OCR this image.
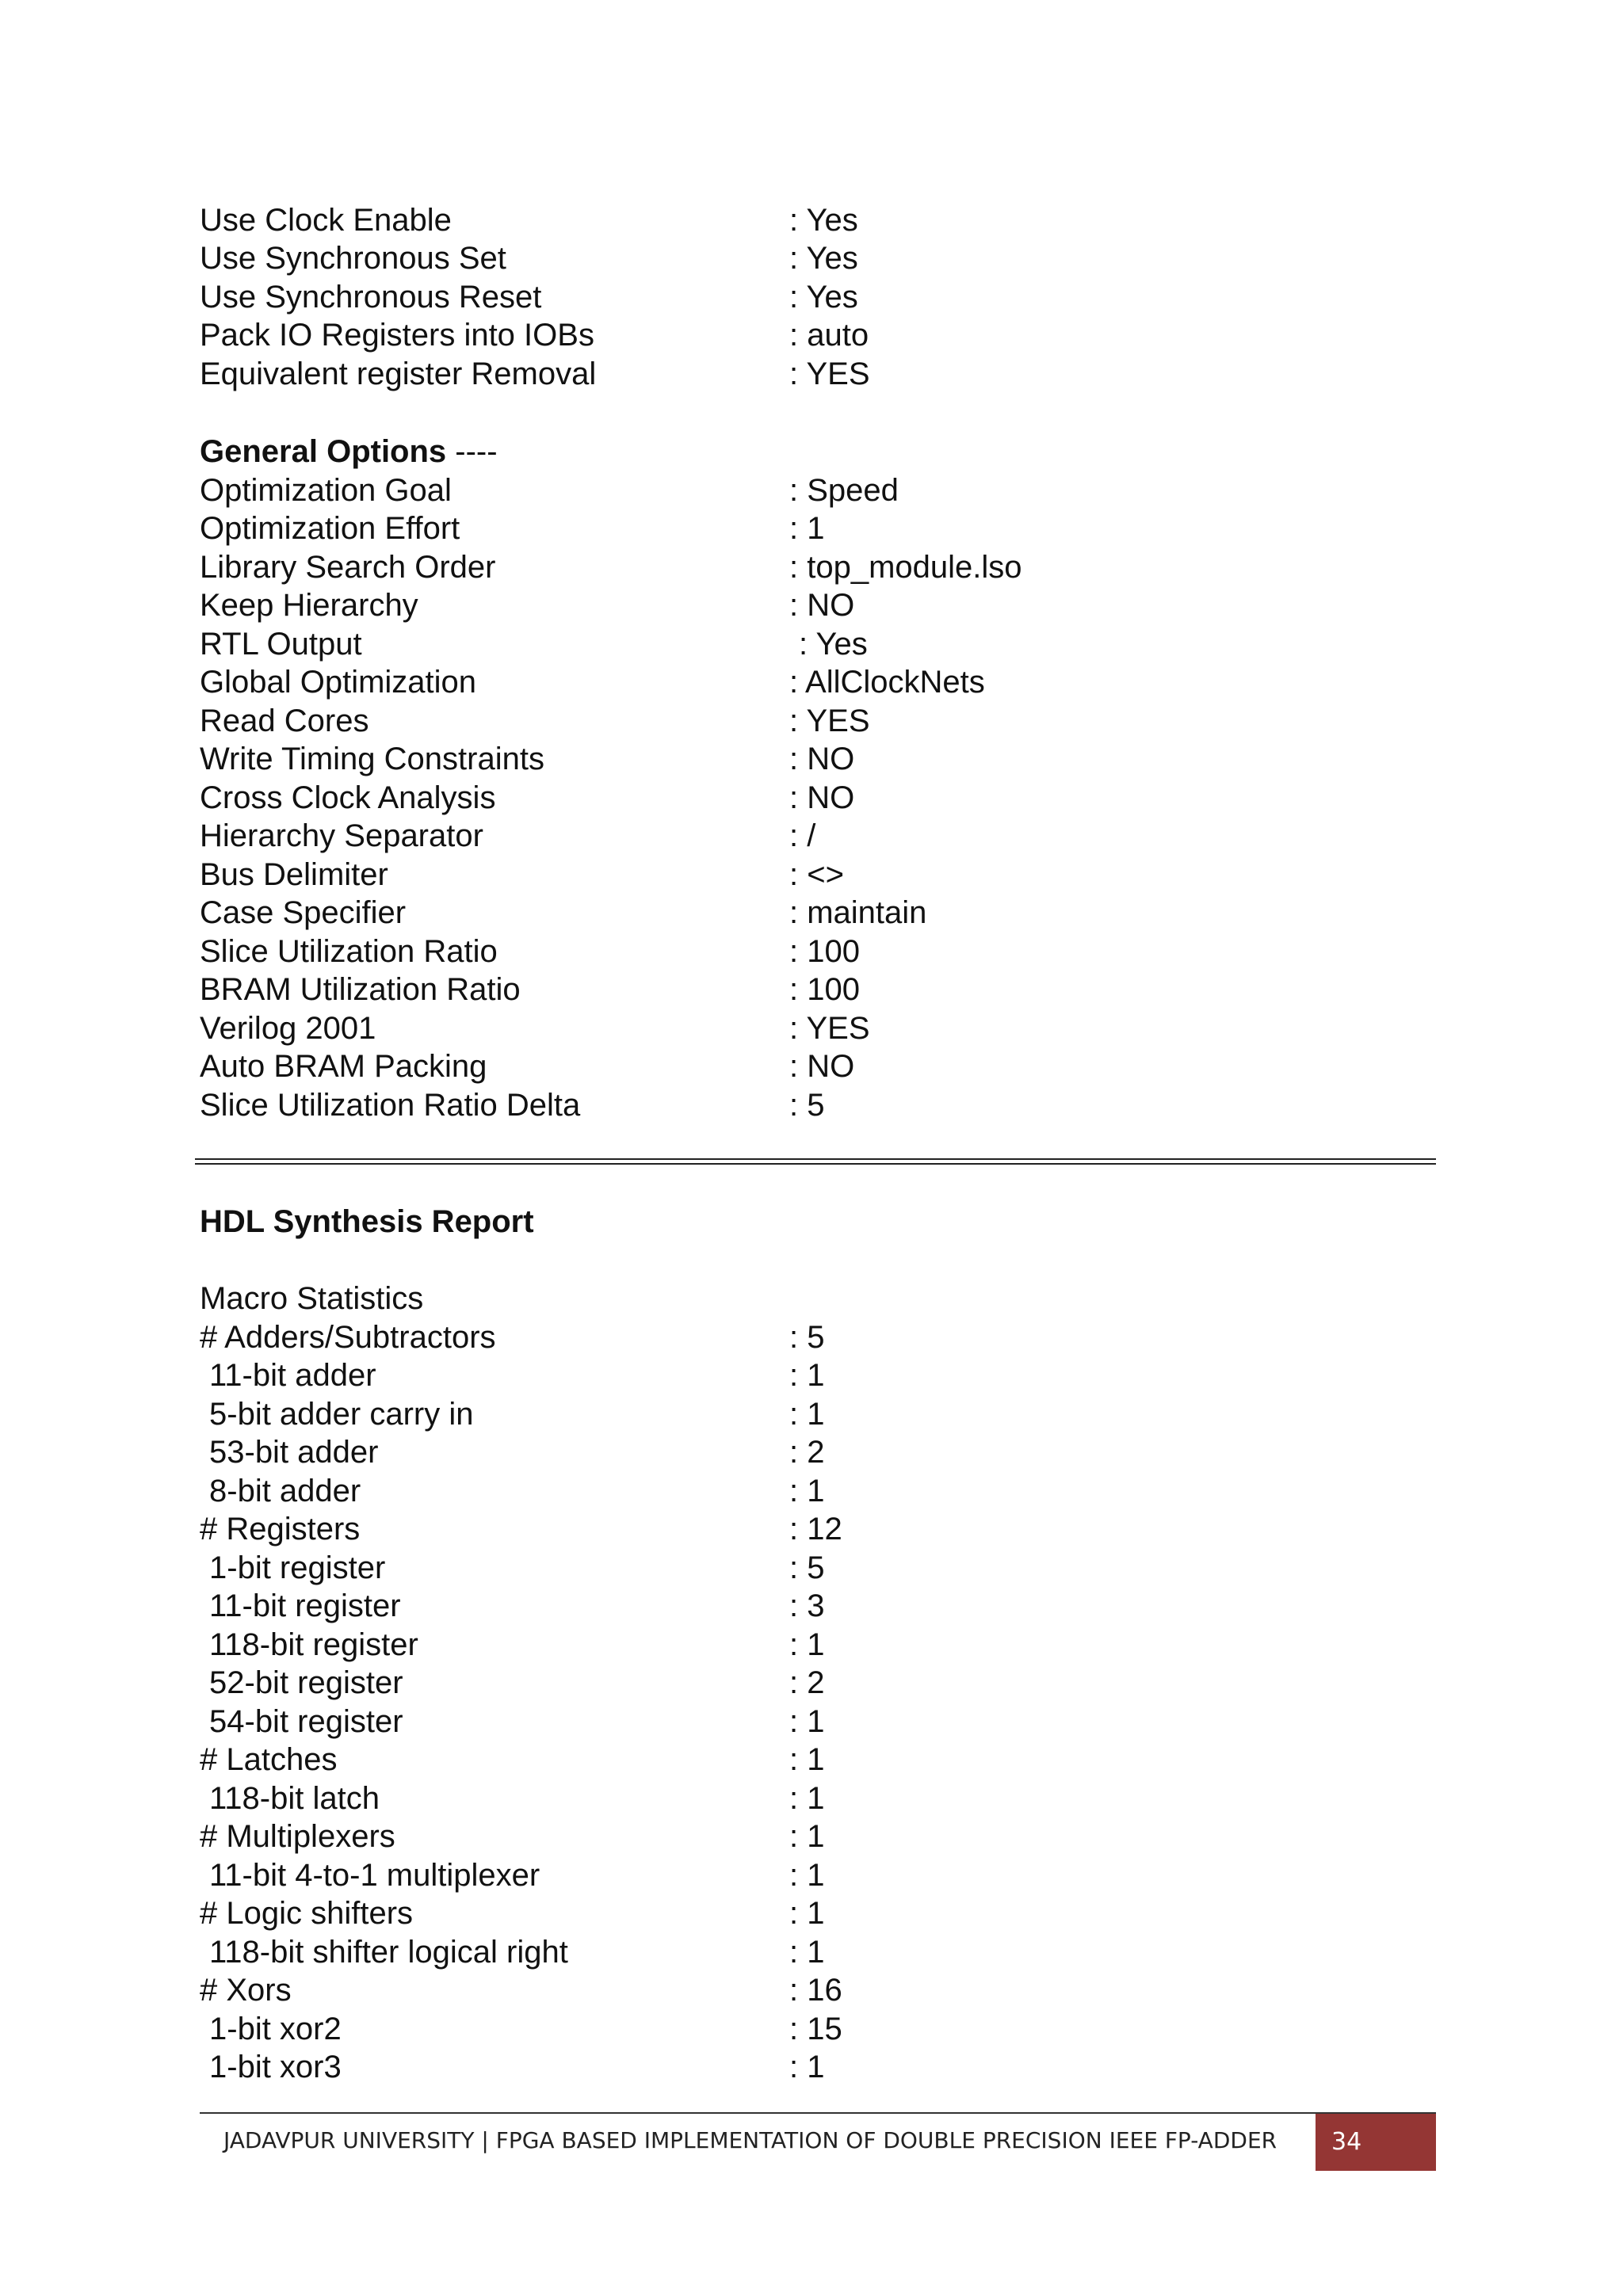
Use Clock Enable	: Yes
Use Synchronous Set	: Yes
Use Synchronous Reset	: Yes
Pack IO Registers into IOBs	: auto
Equivalent register Removal	: YES
General Options ----
Optimization Goal	: Speed
Optimization Effort	: 1
Library Search Order	: top_module.lso
Keep Hierarchy	: NO
RTL Output	: Yes
Global Optimization	: AllClockNets
Read Cores	: YES
Write Timing Constraints	: NO
Cross Clock Analysis	: NO
Hierarchy Separator	: /
Bus Delimiter	: <>
Case Specifier	: maintain
Slice Utilization Ratio	: 100
BRAM Utilization Ratio	: 100
Verilog 2001	: YES
Auto BRAM Packing	: NO
Slice Utilization Ratio Delta	: 5
HDL Synthesis Report
Macro Statistics
# Adders/Subtractors	: 5
11-bit adder	: 1
5-bit adder carry in	: 1
53-bit adder	: 2
8-bit adder	: 1
# Registers	: 12
1-bit register	: 5
11-bit register	: 3
118-bit register	: 1
52-bit register	: 2
54-bit register	: 1
# Latches	: 1
118-bit latch	: 1
# Multiplexers	: 1
11-bit 4-to-1 multiplexer	: 1
# Logic shifters	: 1
118-bit shifter logical right	: 1
# Xors	: 16
1-bit xor2	: 15
1-bit xor3	: 1
JADAVPUR UNIVERSITY | FPGA BASED IMPLEMENTATION OF DOUBLE PRECISION IEEE FP-ADDER	34
